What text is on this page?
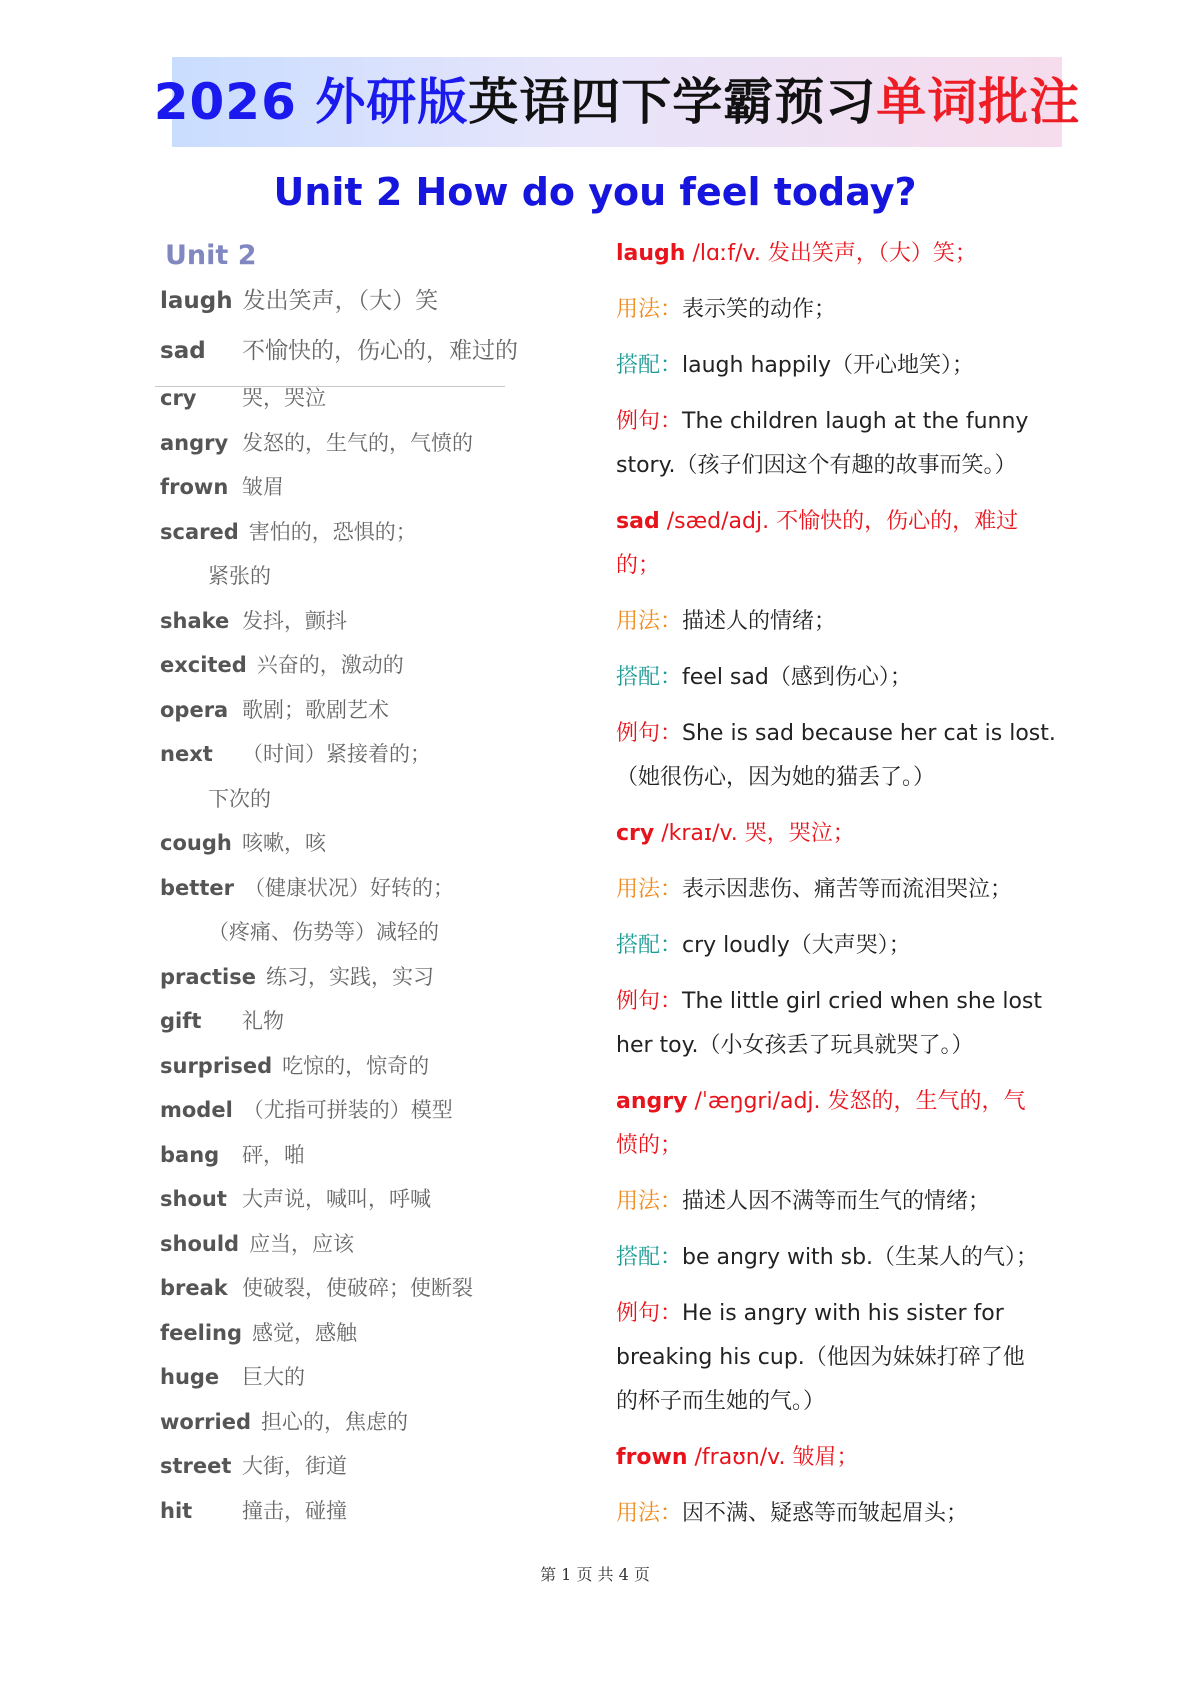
2026 外研版英语四下学霸预习单词批注
Unit 2 How do you feel today?
Unit 2
laugh 发出笑声，（大）笑
sad 不愉快的，伤心的，难过的
cry 哭，哭泣
angry 发怒的，生气的，气愤的
frown 皱眉
scared 害怕的，恐惧的；
紧张的
shake 发抖，颤抖
excited 兴奋的，激动的
opera 歌剧；歌剧艺术
next （时间）紧接着的；
下次的
cough 咳嗽，咳
better （健康状况）好转的；
（疼痛、伤势等）减轻的
practise 练习，实践，实习
gift 礼物
surprised 吃惊的，惊奇的
model （尤指可拼装的）模型
bang 砰，啪
shout 大声说，喊叫，呼喊
should 应当，应该
break 使破裂，使破碎；使断裂
feeling 感觉，感触
huge 巨大的
worried 担心的，焦虑的
street 大街，街道
hit 撞击，碰撞
laugh /lɑːf/v. 发出笑声，（大）笑；
用法：表示笑的动作；
搭配：laugh happily（开心地笑）；
例句：The children laugh at the funny
story.（孩子们因这个有趣的故事而笑。）
sad /sæd/adj. 不愉快的，伤心的，难过
的；
用法：描述人的情绪；
搭配：feel sad（感到伤心）；
例句：She is sad because her cat is lost.
（她很伤心，因为她的猫丢了。）
cry /kraɪ/v. 哭，哭泣；
用法：表示因悲伤、痛苦等而流泪哭泣；
搭配：cry loudly（大声哭）；
例句：The little girl cried when she lost
her toy.（小女孩丢了玩具就哭了。）
angry /ˈæŋgri/adj. 发怒的，生气的，气
愤的；
用法：描述人因不满等而生气的情绪；
搭配：be angry with sb.（生某人的气）；
例句：He is angry with his sister for
breaking his cup.（他因为妹妹打碎了他
的杯子而生她的气。）
frown /fraʊn/v. 皱眉；
用法：因不满、疑惑等而皱起眉头；
第 1 页 共 4 页
